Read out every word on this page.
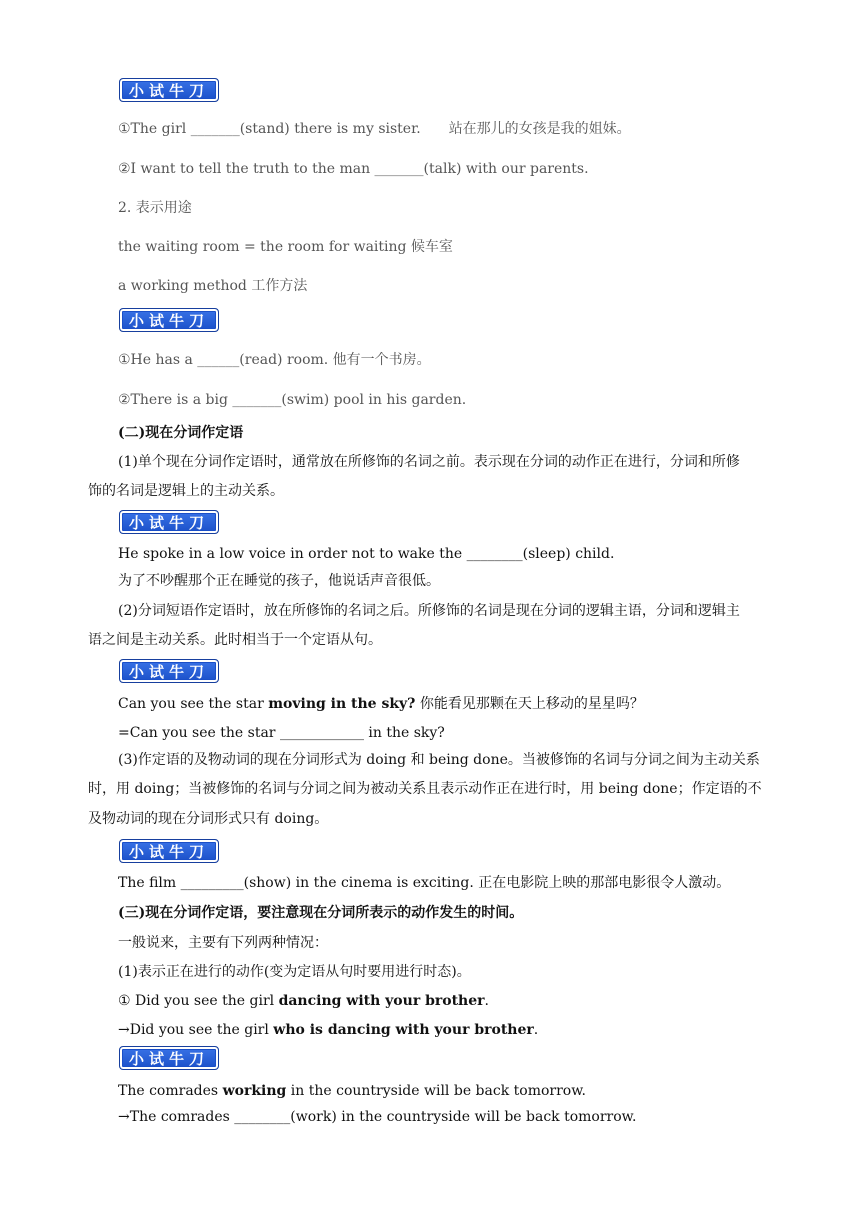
小试牛刀
①The girl _______(stand) there is my sister. 站在那儿的女孩是我的姐妹。
②I want to tell the truth to the man _______(talk) with our parents.
2. 表示用途
the waiting room = the room for waiting 候车室
a working method 工作方法
小试牛刀
①He has a ______(read) room. 他有一个书房。
②There is a big _______(swim) pool in his garden.
(二)现在分词作定语
(1)单个现在分词作定语时，通常放在所修饰的名词之前。表示现在分词的动作正在进行，分词和所修
饰的名词是逻辑上的主动关系。
小试牛刀
He spoke in a low voice in order not to wake the ________(sleep) child.
为了不吵醒那个正在睡觉的孩子，他说话声音很低。
(2)分词短语作定语时，放在所修饰的名词之后。所修饰的名词是现在分词的逻辑主语，分词和逻辑主
语之间是主动关系。此时相当于一个定语从句。
小试牛刀
Can you see the star moving in the sky? 你能看见那颗在天上移动的星星吗？
=Can you see the star ____________ in the sky?
(3)作定语的及物动词的现在分词形式为 doing 和 being done。当被修饰的名词与分词之间为主动关系
时，用 doing；当被修饰的名词与分词之间为被动关系且表示动作正在进行时，用 being done；作定语的不
及物动词的现在分词形式只有 doing。
小试牛刀
The film _________(show) in the cinema is exciting. 正在电影院上映的那部电影很令人激动。
(三)现在分词作定语，要注意现在分词所表示的动作发生的时间。
一般说来，主要有下列两种情况：
(1)表示正在进行的动作(变为定语从句时要用进行时态)。
① Did you see the girl dancing with your brother.
→Did you see the girl who is dancing with your brother.
小试牛刀
The comrades working in the countryside will be back tomorrow.
→The comrades ________(work) in the countryside will be back tomorrow.
